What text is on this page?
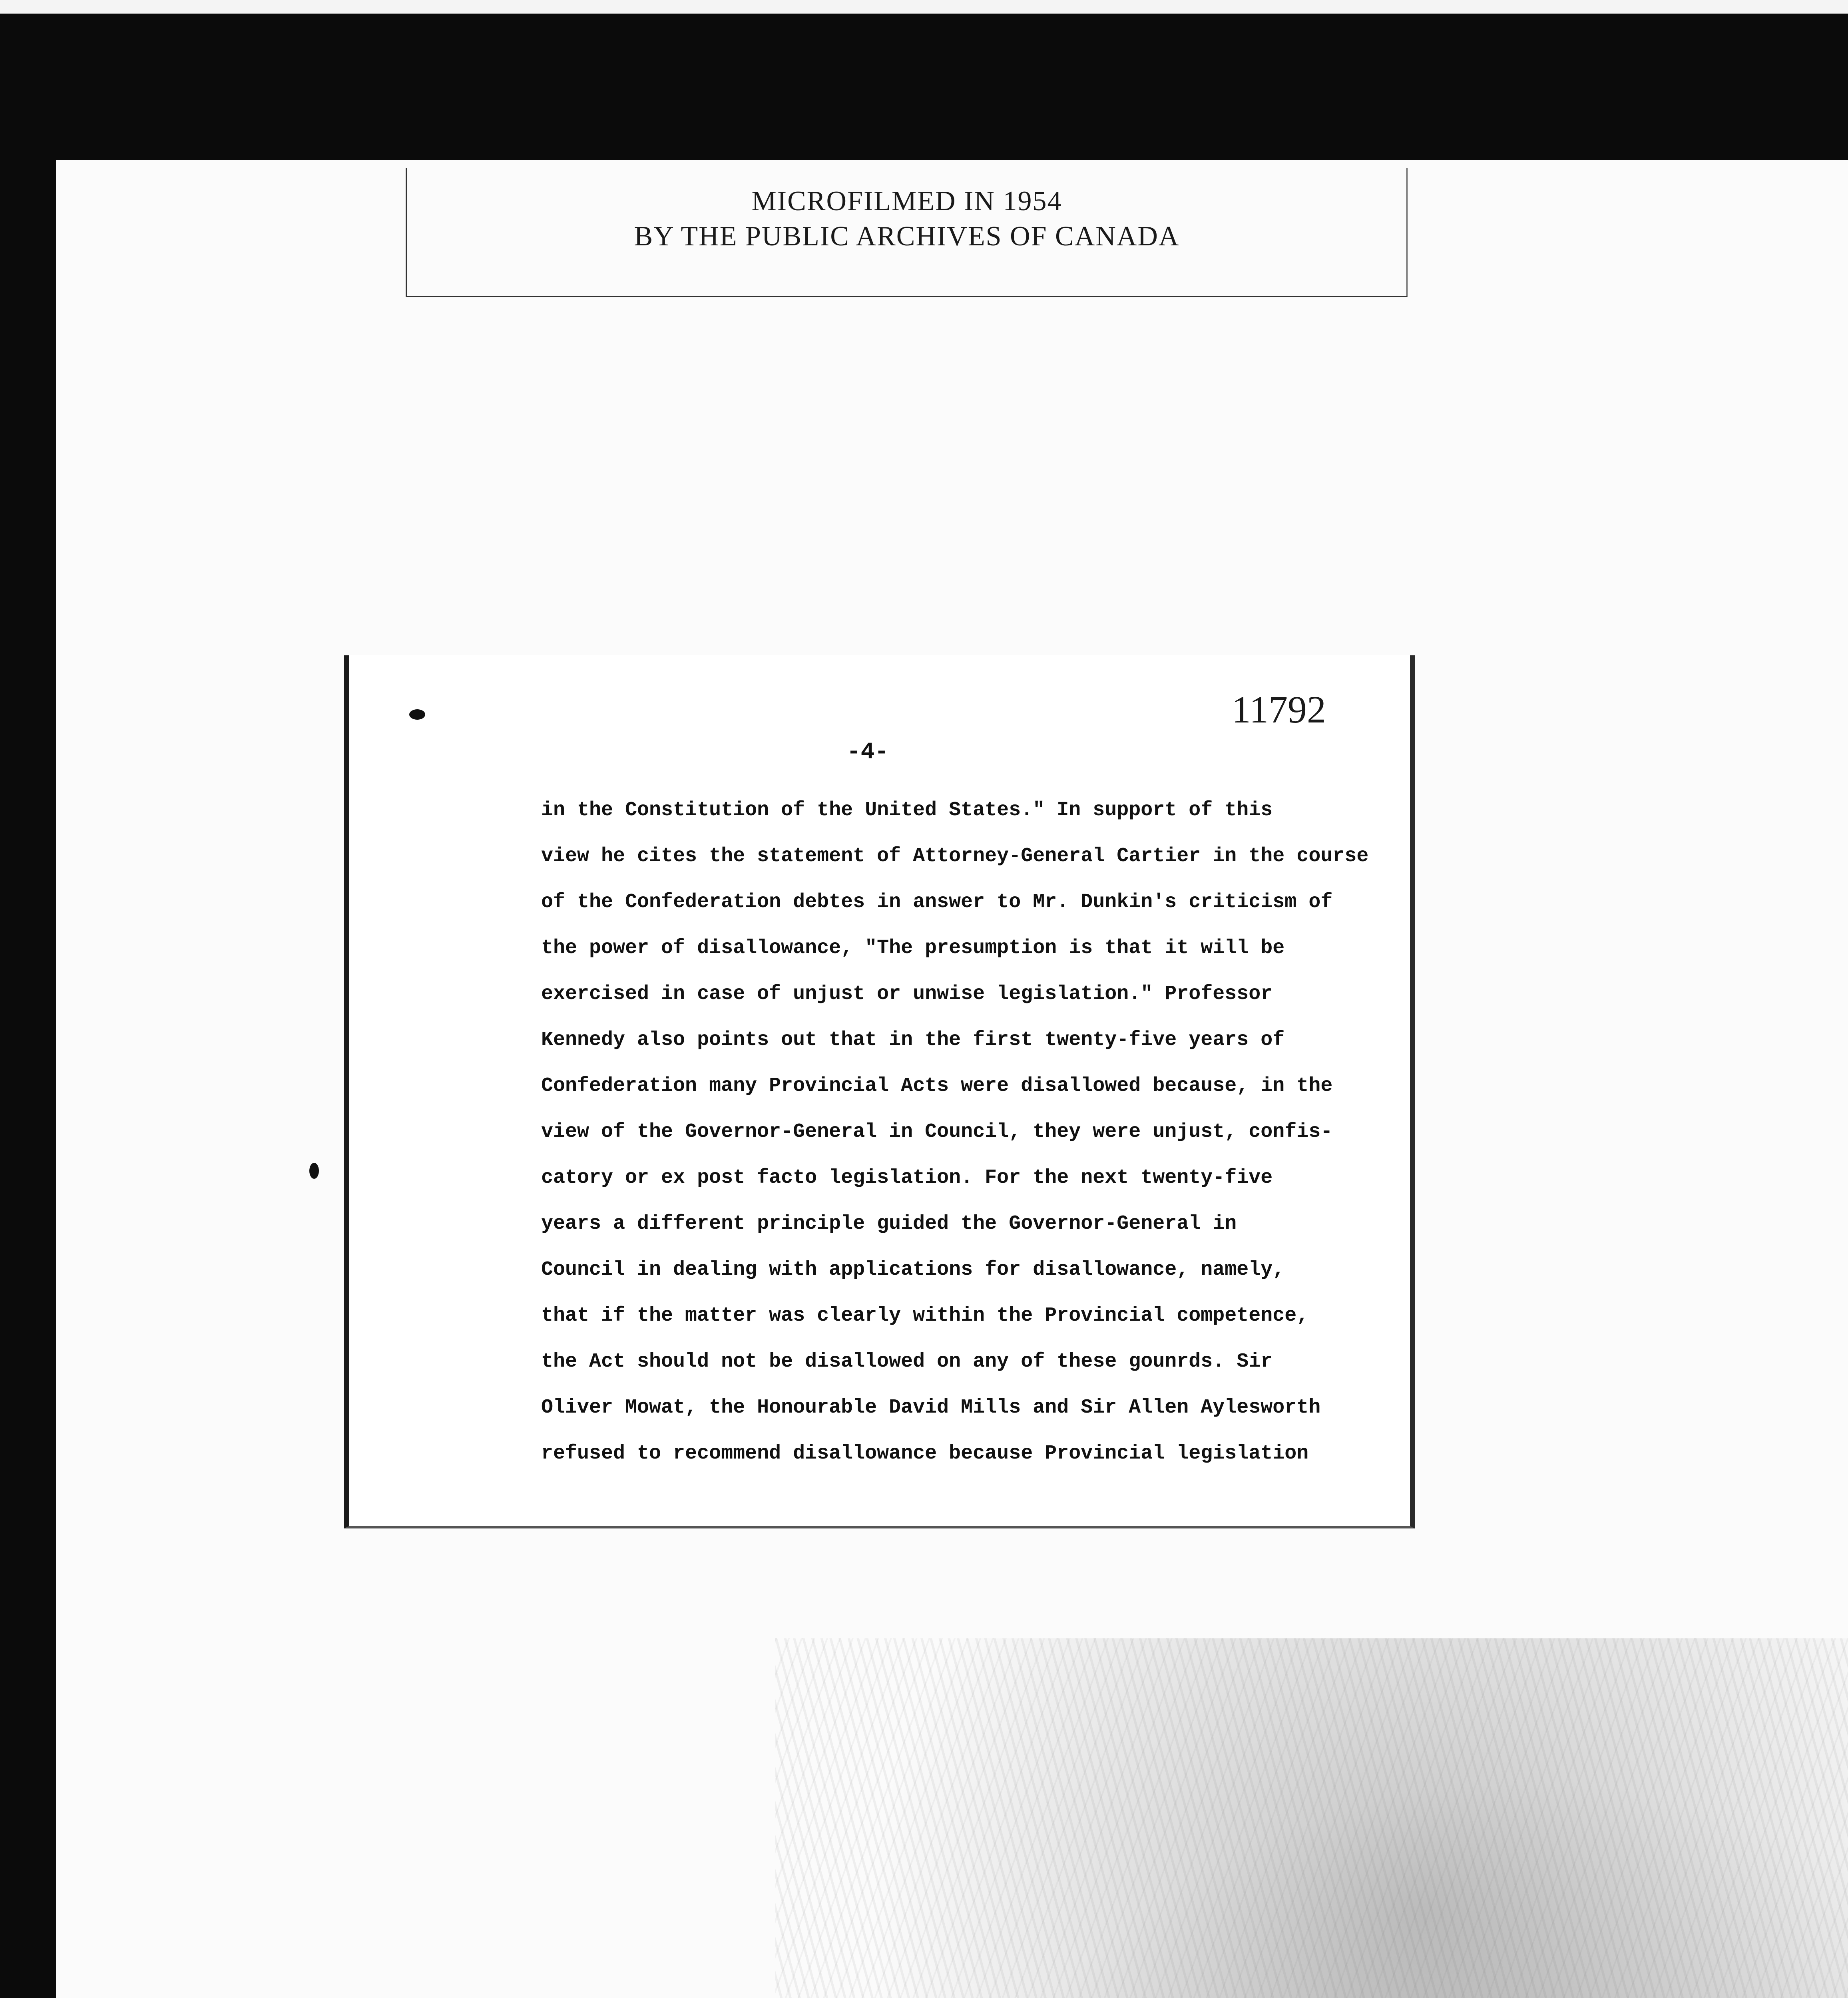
MICROFILMED IN 1954
BY THE PUBLIC ARCHIVES OF CANADA
11792
-4-
in the Constitution of the United States." In support of this
view he cites the statement of Attorney-General Cartier in the course
of the Confederation debtes in answer to Mr. Dunkin's criticism of
the power of disallowance, "The presumption is that it will be
exercised in case of unjust or unwise legislation." Professor
Kennedy also points out that in the first twenty-five years of
Confederation many Provincial Acts were disallowed because, in the
view of the Governor-General in Council, they were unjust, confis-
catory or ex post facto legislation. For the next twenty-five
years a different principle guided the Governor-General in
Council in dealing with applications for disallowance, namely,
that if the matter was clearly within the Provincial competence,
the Act should not be disallowed on any of these gounrds. Sir
Oliver Mowat, the Honourable David Mills and Sir Allen Aylesworth
refused to recommend disallowance because Provincial legislation
